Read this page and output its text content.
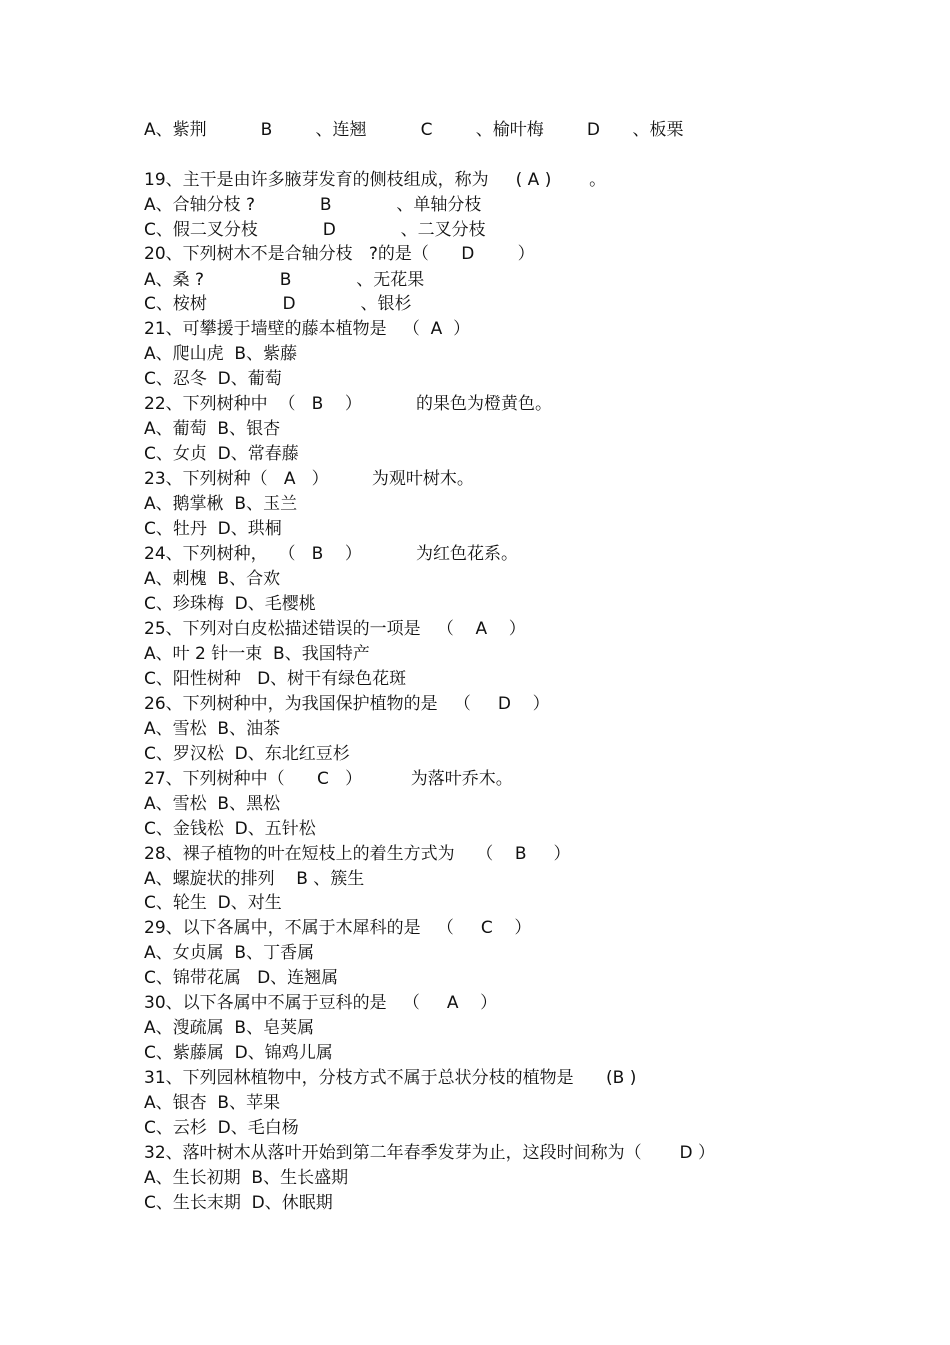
A、紫荆          B        、连翘          C        、榆叶梅        D      、板栗
19、主干是由许多腋芽发育的侧枝组成，称为     ( A )       。
A、合轴分枝 ?            B            、单轴分枝
C、假二叉分枝            D            、二叉分枝
20、下列树木不是合轴分枝   ?的是（      D        ）
A、桑 ?              B            、无花果
C、桉树              D            、银杉
21、可攀援于墙壁的藤本植物是   （  A  ）
A、爬山虎  B、紫藤
C、忍冬  D、葡萄
22、下列树种中  （   B    ）          的果色为橙黄色。
A、葡萄  B、银杏
C、女贞  D、常春藤
23、下列树种（   A   ）        为观叶树木。
A、鹅掌楸  B、玉兰
C、牡丹  D、珙桐
24、下列树种，  （   B    ）          为红色花系。
A、刺槐  B、合欢
C、珍珠梅  D、毛樱桃
25、下列对白皮松描述错误的一项是   （    A    ）
A、叶 2 针一束  B、我国特产
C、阳性树种   D、树干有绿色花斑
26、下列树种中，为我国保护植物的是   （     D    ）
A、雪松  B、油茶
C、罗汉松  D、东北红豆杉
27、下列树种中（      C   ）         为落叶乔木。
A、雪松  B、黑松
C、金钱松  D、五针松
28、裸子植物的叶在短枝上的着生方式为    （    B     ）
A、螺旋状的排列    B 、簇生
C、轮生  D、对生
29、以下各属中，不属于木犀科的是   （     C    ）
A、女贞属  B、丁香属
C、锦带花属   D、连翘属
30、以下各属中不属于豆科的是   （     A    ）
A、溲疏属  B、皂荚属
C、紫藤属  D、锦鸡儿属
31、下列园林植物中，分枝方式不属于总状分枝的植物是      (B )
A、银杏  B、苹果
C、云杉  D、毛白杨
32、落叶树木从落叶开始到第二年春季发芽为止，这段时间称为（       D ）
A、生长初期  B、生长盛期
C、生长末期  D、休眠期
